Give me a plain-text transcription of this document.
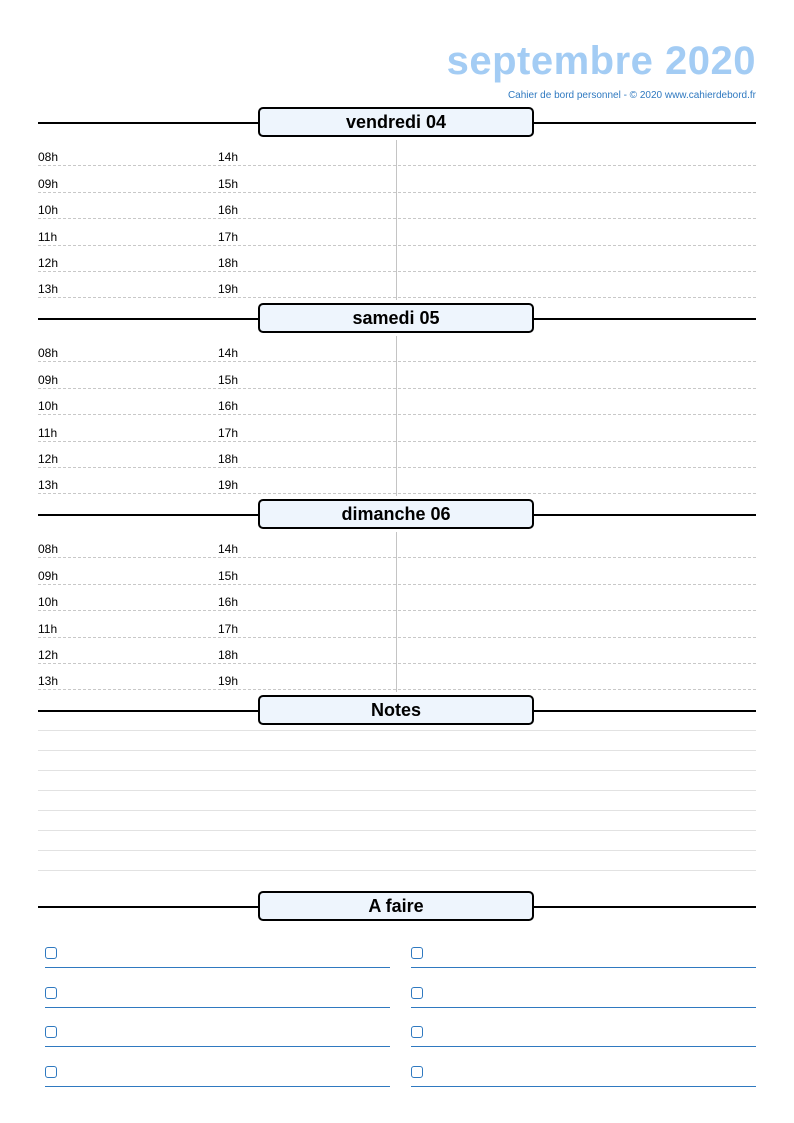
septembre 2020
Cahier de bord personnel - © 2020 www.cahierdebord.fr
vendredi 04
08h	14h
09h	15h
10h	16h
11h	17h
12h	18h
13h	19h
samedi 05
08h	14h
09h	15h
10h	16h
11h	17h
12h	18h
13h	19h
dimanche 06
08h	14h
09h	15h
10h	16h
11h	17h
12h	18h
13h	19h
Notes
A faire
